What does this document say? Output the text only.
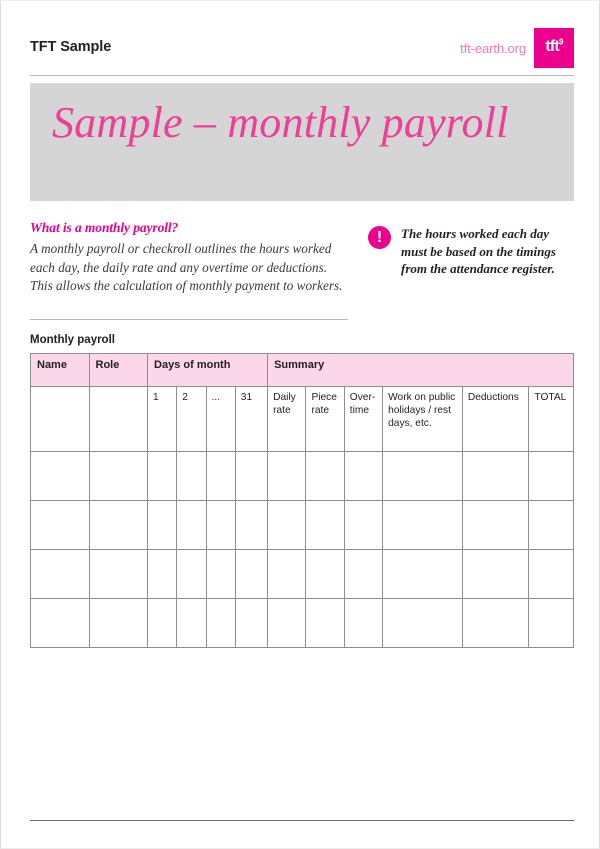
TFT Sample	tft-earth.org	tft$^9$
Sample – monthly payroll

What is a monthly payroll?

A monthly payroll or checkroll outlines the hours worked each day, the daily rate and any overtime or deductions. This allows the calculation of monthly payment to workers.

!	The hours worked each day must be based on the timings from the attendance register.
Monthly payroll
Name	Role	Days of month				Summary					
		1	2	...	31	Daily rate	Piece rate	Over-time	Work on public holidays / rest days, etc.	Deductions	TOTAL
